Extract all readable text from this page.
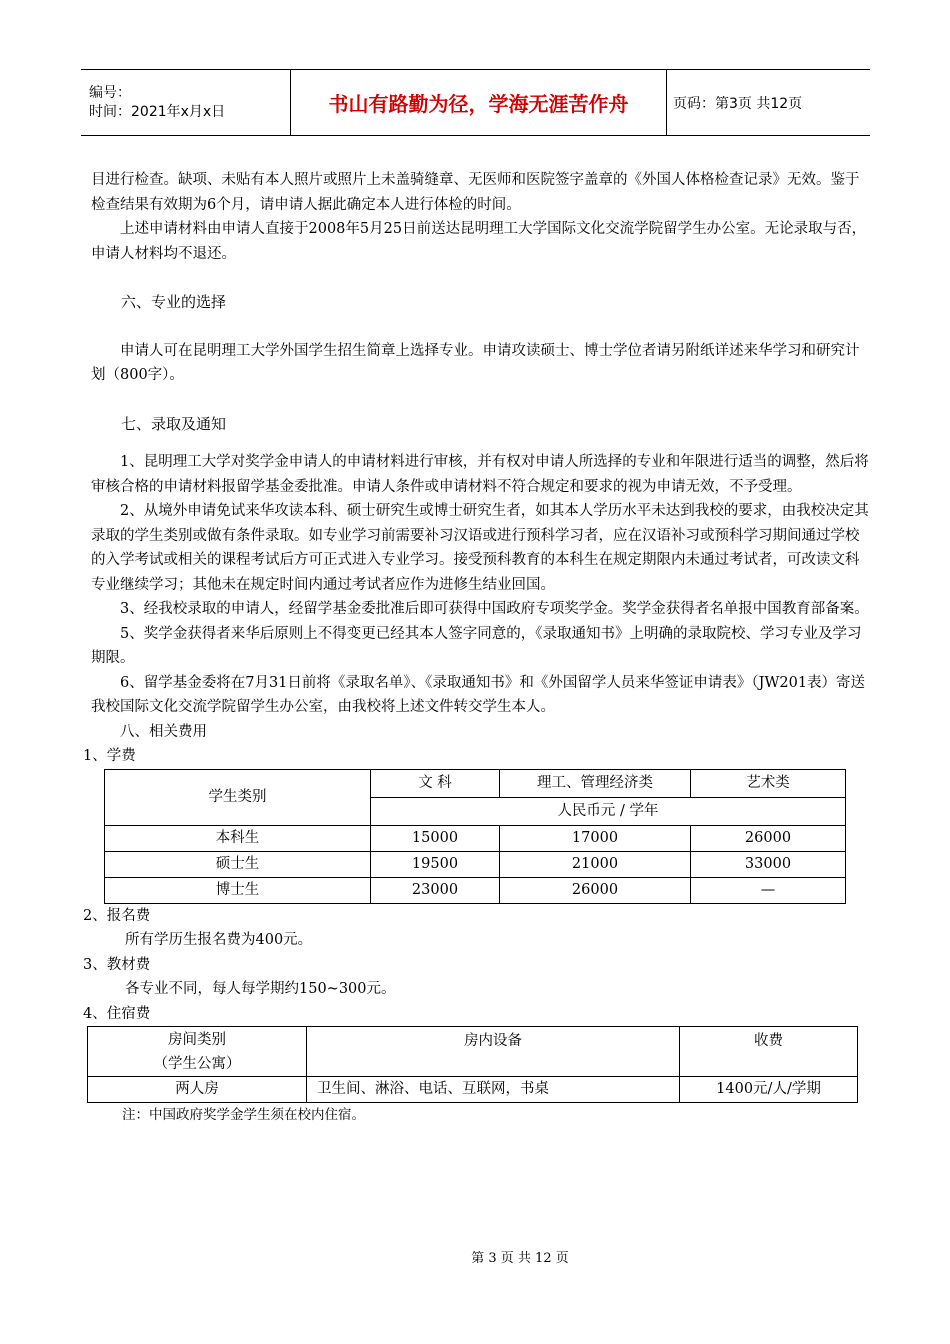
编号：
时间：2021年x月x日	书山有路勤为径，学海无涯苦作舟	页码：第3页 共12页

目进行检查。缺项、未贴有本人照片或照片上未盖骑缝章、无医师和医院签字盖章的《外国人体格检查记录》无效。鉴于检查结果有效期为6个月，请申请人据此确定本人进行体检的时间。

上述申请材料由申请人直接于2008年5月25日前送达昆明理工大学国际文化交流学院留学生办公室。无论录取与否，申请人材料均不退还。

六、专业的选择

申请人可在昆明理工大学外国学生招生简章上选择专业。申请攻读硕士、博士学位者请另附纸详述来华学习和研究计划（800字）。

七、录取及通知

1、昆明理工大学对奖学金申请人的申请材料进行审核，并有权对申请人所选择的专业和年限进行适当的调整，然后将审核合格的申请材料报留学基金委批准。申请人条件或申请材料不符合规定和要求的视为申请无效，不予受理。

2、从境外申请免试来华攻读本科、硕士研究生或博士研究生者，如其本人学历水平未达到我校的要求，由我校决定其录取的学生类别或做有条件录取。如专业学习前需要补习汉语或进行预科学习者，应在汉语补习或预科学习期间通过学校的入学考试或相关的课程考试后方可正式进入专业学习。接受预科教育的本科生在规定期限内未通过考试者，可改读文科专业继续学习；其他未在规定时间内通过考试者应作为进修生结业回国。

3、经我校录取的申请人，经留学基金委批准后即可获得中国政府专项奖学金。奖学金获得者名单报中国教育部备案。

5、奖学金获得者来华后原则上不得变更已经其本人签字同意的，《录取通知书》上明确的录取院校、学习专业及学习期限。

6、留学基金委将在7月31日前将《录取名单》、《录取通知书》和《外国留学人员来华签证申请表》（JW201表）寄送我校国际文化交流学院留学生办公室，由我校将上述文件转交学生本人。

八、相关费用

1、学费

学生类别	文 科	理工、管理经济类	艺术类
	人民币元 / 学年		
本科生	15000	17000	26000
硕士生	19500	21000	33000
博士生	23000	26000	—

2、报名费

所有学历生报名费为400元。

3、教材费

各专业不同，每人每学期约150~300元。

4、住宿费

房间类别
（学生公寓）	房内设备	收费
两人房	卫生间、淋浴、电话、互联网，书桌	1400元/人/学期

注：中国政府奖学金学生须在校内住宿。

第 3 页 共 12 页
